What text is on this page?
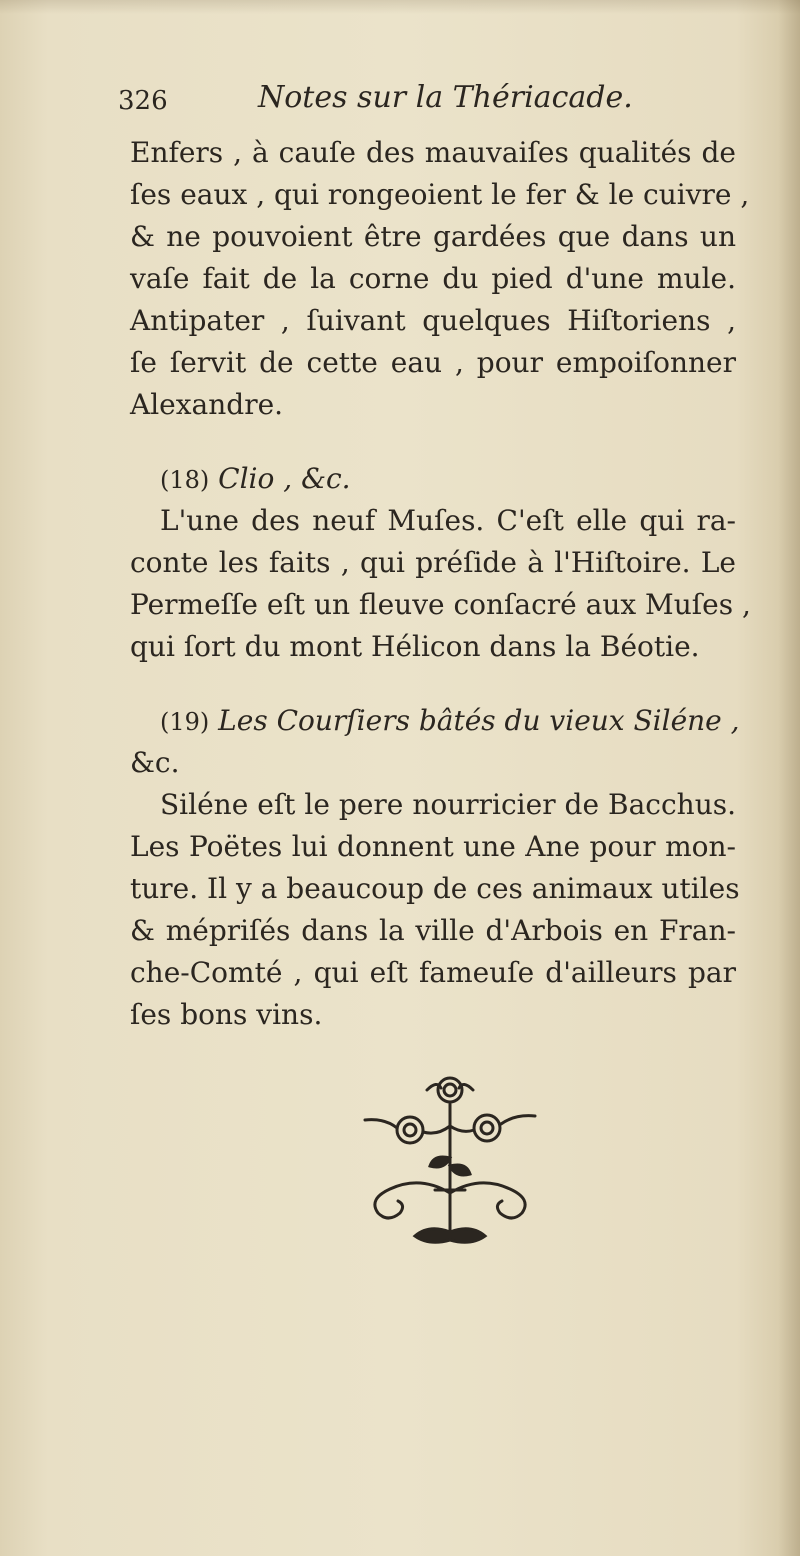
326	Notes sur la Thériacade.
Enfers , à cauſe des mauvaiſes qualités de
ſes eaux , qui rongeoient le fer & le cuivre ,
& ne pouvoient être gardées que dans un
vaſe fait de la corne du pied d'une mule.
Antipater , ſuivant quelques Hiſtoriens ,
ſe ſervit de cette eau , pour empoiſonner
Alexandre.
(18) Clio , &c.
L'une des neuf Muſes. C'eſt elle qui ra-
conte les faits , qui préſide à l'Hiſtoire. Le
Permeſſe eſt un fleuve conſacré aux Muſes ,
qui ſort du mont Hélicon dans la Béotie.
(19) Les Courſiers bâtés du vieux Siléne ,
&c.
Siléne eſt le pere nourricier de Bacchus.
Les Poëtes lui donnent une Ane pour mon-
ture. Il y a beaucoup de ces animaux utiles
& mépriſés dans la ville d'Arbois en Fran-
che-Comté , qui eſt fameuſe d'ailleurs par
ſes bons vins.
